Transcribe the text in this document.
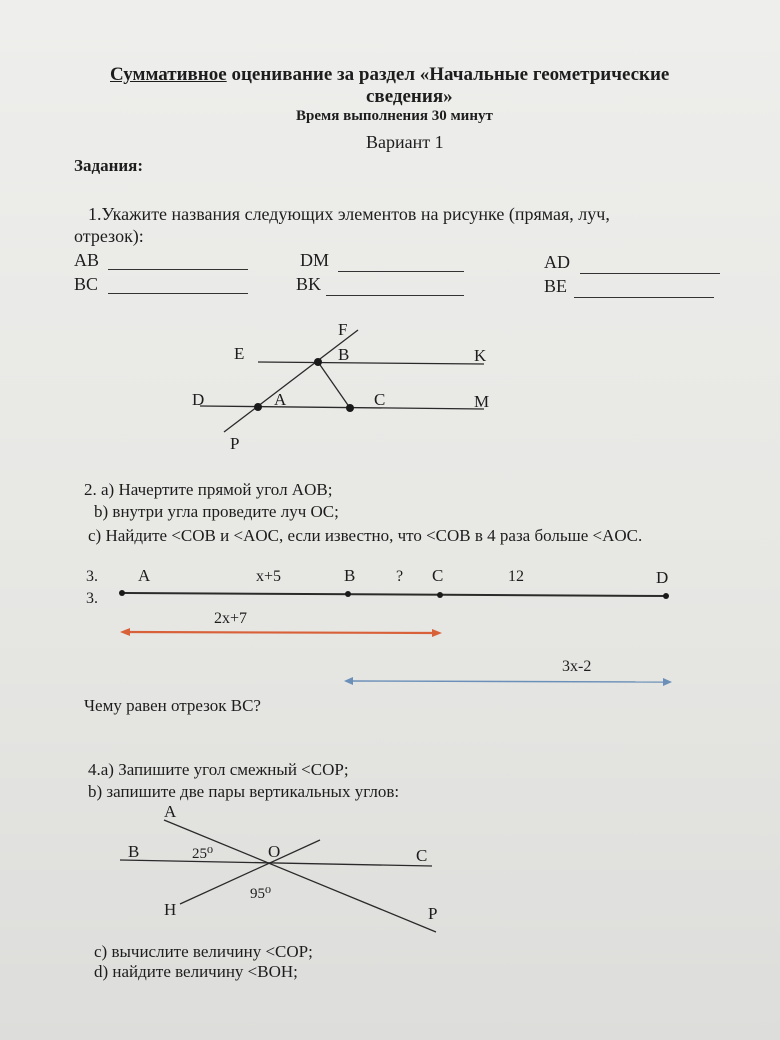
Суммативное оценивание за раздел «Начальные геометрические
сведения»
Время выполнения 30 минут
Вариант 1
Задания:
1.Укажите названия следующих элементов на рисунке (прямая, луч,
отрезок):
AB
BC
DM
BK
AD
BE
F
E	B	K
D	A	C	M
P
2. a) Начертите прямой угол AOB;
b) внутри угла проведите луч OC;
c) Найдите <COB и <AOC, если известно, что <COB в 4 раза больше <AOC.
3.
3.
A	x+5	B	? C	12	D
2x+7
3x-2
Чему равен отрезок BC?
4.a) Запишите угол смежный <COP;
b) запишите две пары вертикальных углов:
A
B	25⁰	O	C
95⁰
H	P
c) вычислите величину <COP;
d) найдите величину <BOH;
